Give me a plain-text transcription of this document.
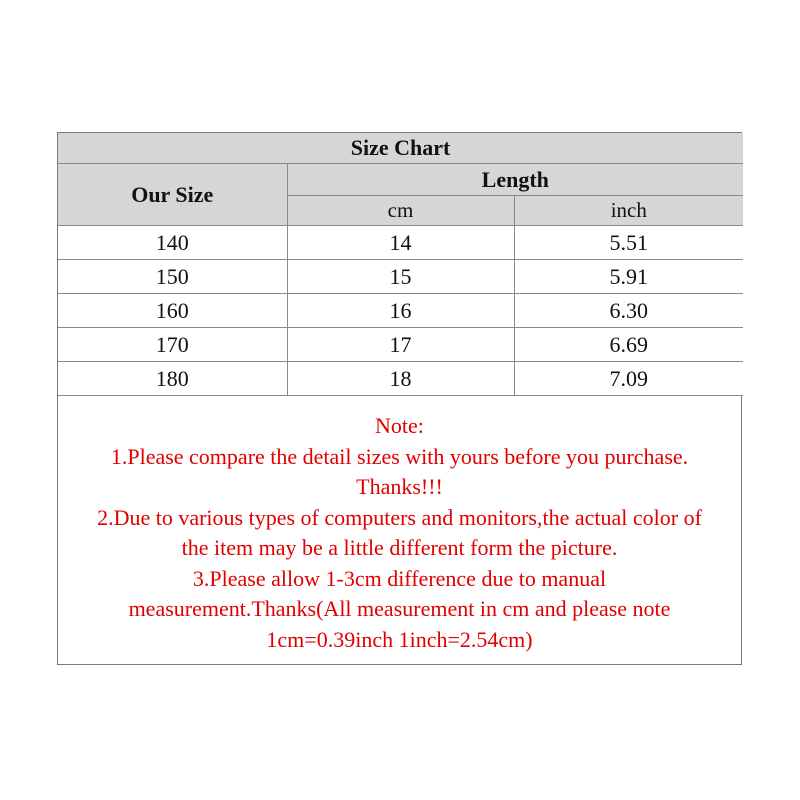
Size Chart		
Our Size	Length	
	cm	inch
140	14	5.51
150	15	5.91
160	16	6.30
170	17	6.69
180	18	7.09
Note:
1.Please compare the detail sizes with yours before you purchase.
Thanks!!!
2.Due to various types of computers and monitors,the actual color of
the item may be a little different form the picture.
3.Please allow 1-3cm difference due to manual
measurement.Thanks(All measurement in cm and please note
1cm=0.39inch 1inch=2.54cm)
